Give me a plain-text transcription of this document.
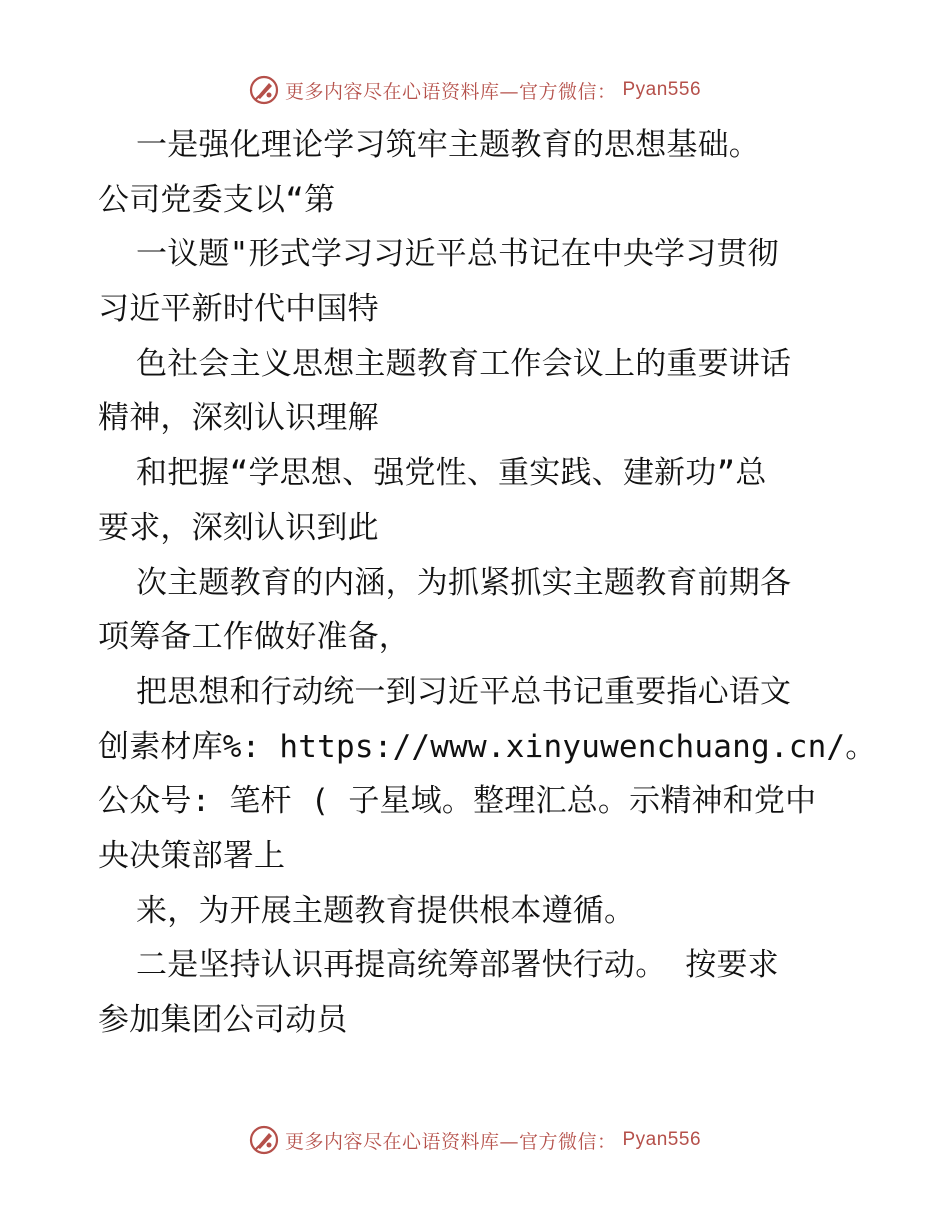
更多内容尽在心语资料库—官方微信： Pyan556
一是强化理论学习筑牢主题教育的思想基础。
公司党委支以“第
一议题"形式学习习近平总书记在中央学习贯彻
习近平新时代中国特
色社会主义思想主题教育工作会议上的重要讲话
精神，深刻认识理解
和把握“学思想、强党性、重实践、建新功”总
要求，深刻认识到此
次主题教育的内涵，为抓紧抓实主题教育前期各
项筹备工作做好准备，
把思想和行动统一到习近平总书记重要指心语文
创素材库%: https://www.xinyuwenchuang.cn/。
公众号: 笔杆 ( 子星域。整理汇总。示精神和党中
央决策部署上
来，为开展主题教育提供根本遵循。
二是坚持认识再提高统筹部署快行动。 按要求
参加集团公司动员
更多内容尽在心语资料库—官方微信： Pyan556
